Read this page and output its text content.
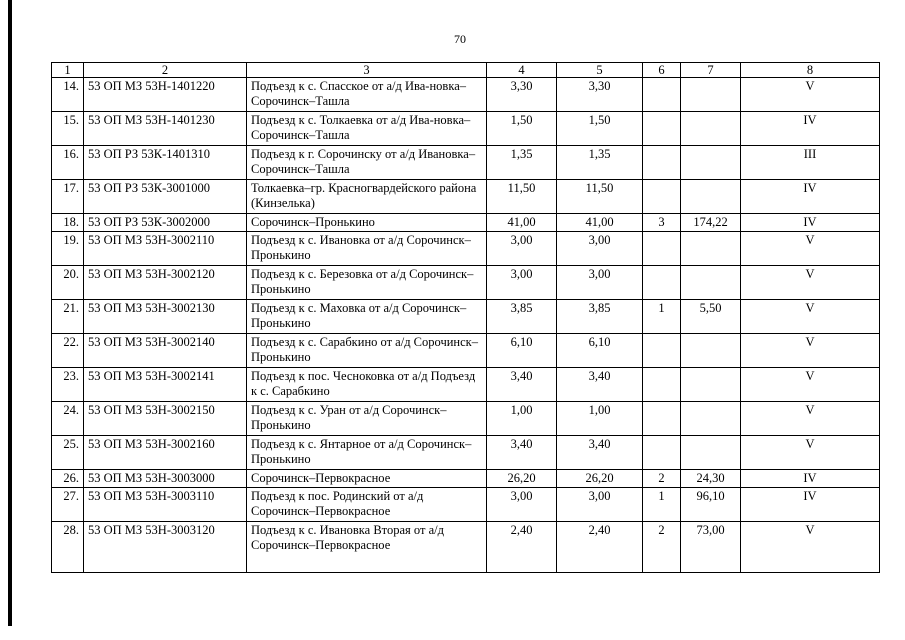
70
1	2	3	4	5	6	7	8
14.	53 ОП МЗ 53Н-1401220	Подъезд к с. Спасское от а/д Ива-новка–Сорочинск–Ташла	3,30	3,30			V
15.	53 ОП МЗ 53Н-1401230	Подъезд к с. Толкаевка от а/д Ива-новка–Сорочинск–Ташла	1,50	1,50			IV
16.	53 ОП РЗ 53К-1401310	Подъезд к г. Сорочинску от а/д Ивановка–Сорочинск–Ташла	1,35	1,35			III
17.	53 ОП РЗ 53К-3001000	Толкаевка–гр. Красногвардейского района (Кинзелька)	11,50	11,50			IV
18.	53 ОП РЗ 53К-3002000	Сорочинск–Пронькино	41,00	41,00	3	174,22	IV
19.	53 ОП МЗ 53Н-3002110	Подъезд к с. Ивановка от а/д Сорочинск–Пронькино	3,00	3,00			V
20.	53 ОП МЗ 53Н-3002120	Подъезд к с. Березовка от а/д Сорочинск–Пронькино	3,00	3,00			V
21.	53 ОП МЗ 53Н-3002130	Подъезд к с. Маховка от а/д Сорочинск–Пронькино	3,85	3,85	1	5,50	V
22.	53 ОП МЗ 53Н-3002140	Подъезд к с. Сарабкино от а/д Сорочинск–Пронькино	6,10	6,10			V
23.	53 ОП МЗ 53Н-3002141	Подъезд к пос. Чесноковка от а/д Подъезд к с. Сарабкино	3,40	3,40			V
24.	53 ОП МЗ 53Н-3002150	Подъезд к с. Уран от а/д Сорочинск– Пронькино	1,00	1,00			V
25.	53 ОП МЗ 53Н-3002160	Подъезд к с. Янтарное от а/д Сорочинск–Пронькино	3,40	3,40			V
26.	53 ОП МЗ 53Н-3003000	Сорочинск–Первокрасное	26,20	26,20	2	24,30	IV
27.	53 ОП МЗ 53Н-3003110	Подъезд к пос. Родинский от а/д Сорочинск–Первокрасное	3,00	3,00	1	96,10	IV
28.	53 ОП МЗ 53Н-3003120	Подъезд к с. Ивановка Вторая от а/д Сорочинск–Первокрасное	2,40	2,40	2	73,00	V
